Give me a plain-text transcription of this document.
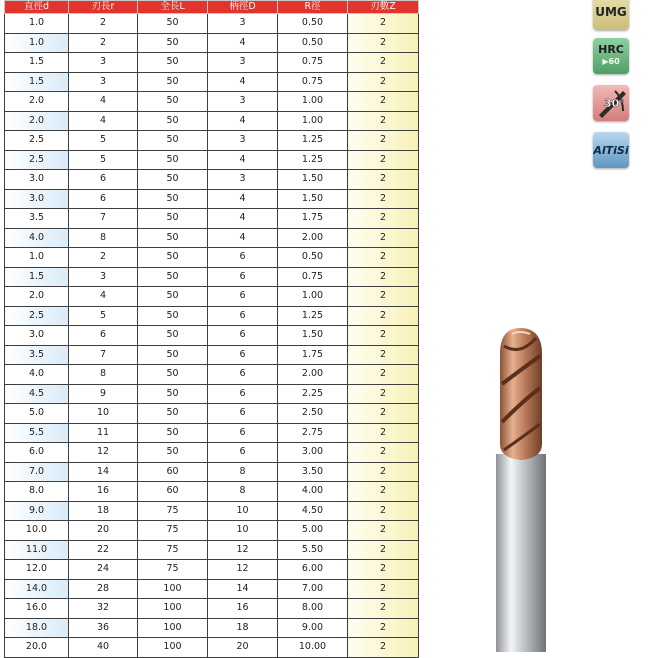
直徑d	刃長r	全長L	柄徑D	R徑	刃數Z
1.0	2	50	3	0.50	2
1.0	2	50	4	0.50	2
1.5	3	50	3	0.75	2
1.5	3	50	4	0.75	2
2.0	4	50	3	1.00	2
2.0	4	50	4	1.00	2
2.5	5	50	3	1.25	2
2.5	5	50	4	1.25	2
3.0	6	50	3	1.50	2
3.0	6	50	4	1.50	2
3.5	7	50	4	1.75	2
4.0	8	50	4	2.00	2
1.0	2	50	6	0.50	2
1.5	3	50	6	0.75	2
2.0	4	50	6	1.00	2
2.5	5	50	6	1.25	2
3.0	6	50	6	1.50	2
3.5	7	50	6	1.75	2
4.0	8	50	6	2.00	2
4.5	9	50	6	2.25	2
5.0	10	50	6	2.50	2
5.5	11	50	6	2.75	2
6.0	12	50	6	3.00	2
7.0	14	60	8	3.50	2
8.0	16	60	8	4.00	2
9.0	18	75	10	4.50	2
10.0	20	75	10	5.00	2
11.0	22	75	12	5.50	2
12.0	24	75	12	6.00	2
14.0	28	100	14	7.00	2
16.0	32	100	16	8.00	2
18.0	36	100	18	9.00	2
20.0	40	100	20	10.00	2
UMG
HRC
▶60
30°
AlTiSi
